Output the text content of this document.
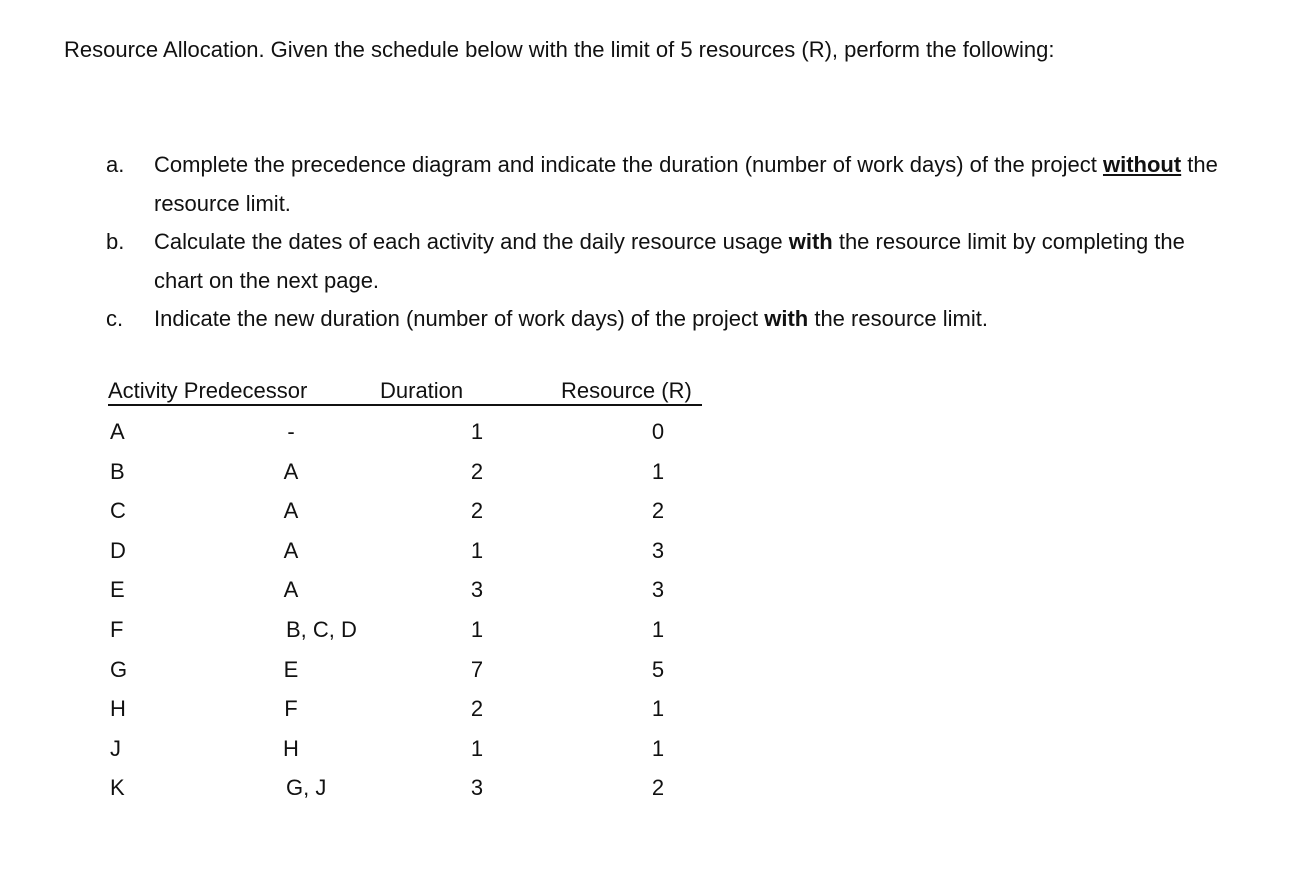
Resource Allocation. Given the schedule below with the limit of 5 resources (R), perform the following:
a. Complete the precedence diagram and indicate the duration (number of work days) of the project without the resource limit.
b. Calculate the dates of each activity and the daily resource usage with the resource limit by completing the chart on the next page.
c. Indicate the new duration (number of work days) of the project with the resource limit.
Activity Predecessor	Duration	Resource (R)
A	-	1	0
B	A	2	1
C	A	2	2
D	A	1	3
E	A	3	3
F	B, C, D	1	1
G	E	7	5
H	F	2	1
J	H	1	1
K	G, J	3	2
